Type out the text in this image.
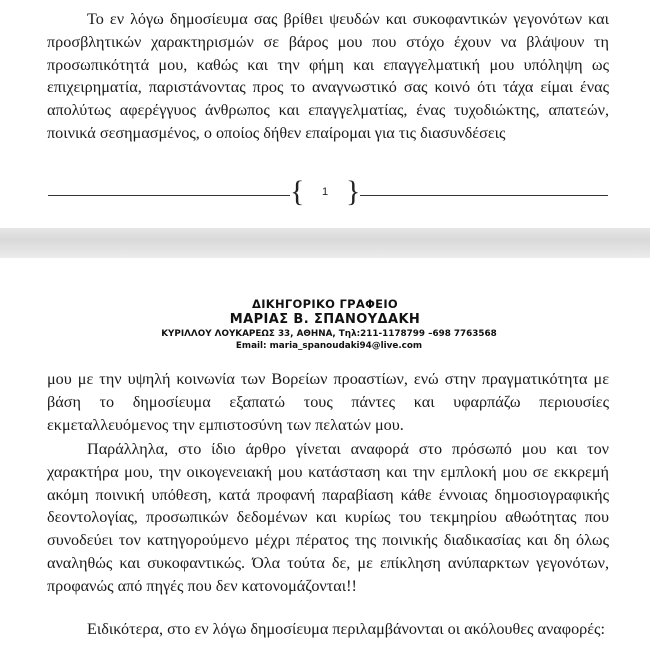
Το εν λόγω δημοσίευμα σας βρίθει ψευδών και συκοφαντικών γεγονότων και προσβλητικών χαρακτηρισμών σε βάρος μου που στόχο έχουν να βλάψουν τη προσωπικότητά μου, καθώς και την φήμη και επαγγελματική μου υπόληψη ως επιχειρηματία, παριστάνοντας προς το αναγνωστικό σας κοινό ότι τάχα είμαι ένας απολύτως αφερέγγυος άνθρωπος και επαγγελματίας, ένας τυχοδιώκτης, απατεών, ποινικά σεσημασμένος, ο οποίος δήθεν επαίρομαι για τις διασυνδέσεις

{	1 }
ΔΙΚΗΓΟΡΙΚΟ ΓΡΑΦΕΙΟ
ΜΑΡΙΑΣ Β. ΣΠΑΝΟΥΔΑΚΗ
ΚΥΡΙΛΛΟΥ ΛΟΥΚΑΡΕΩΣ 33, ΑΘΗΝΑ, Τηλ:211-1178799 –698 7763568
Email: maria_spanoudaki94@live.com

μου με την υψηλή κοινωνία των Βορείων προαστίων, ενώ στην πραγματικότητα με βάση το δημοσίευμα εξαπατώ τους πάντες και υφαρπάζω περιουσίες εκμεταλλευόμενος την εμπιστοσύνη των πελατών μου.

Παράλληλα, στο ίδιο άρθρο γίνεται αναφορά στο πρόσωπό μου και τον χαρακτήρα μου, την οικογενειακή μου κατάσταση και την εμπλοκή μου σε εκκρεμή ακόμη ποινική υπόθεση, κατά προφανή παραβίαση κάθε έννοιας δημοσιογραφικής δεοντολογίας, προσωπικών δεδομένων και κυρίως του τεκμηρίου αθωότητας που συνοδεύει τον κατηγορούμενο μέχρι πέρατος της ποινικής διαδικασίας και δη όλως αναληθώς και συκοφαντικώς. Όλα τούτα δε, με επίκληση ανύπαρκτων γεγονότων, προφανώς από πηγές που δεν κατονομάζονται!!

Ειδικότερα, στο εν λόγω δημοσίευμα περιλαμβάνονται οι ακόλουθες αναφορές:
